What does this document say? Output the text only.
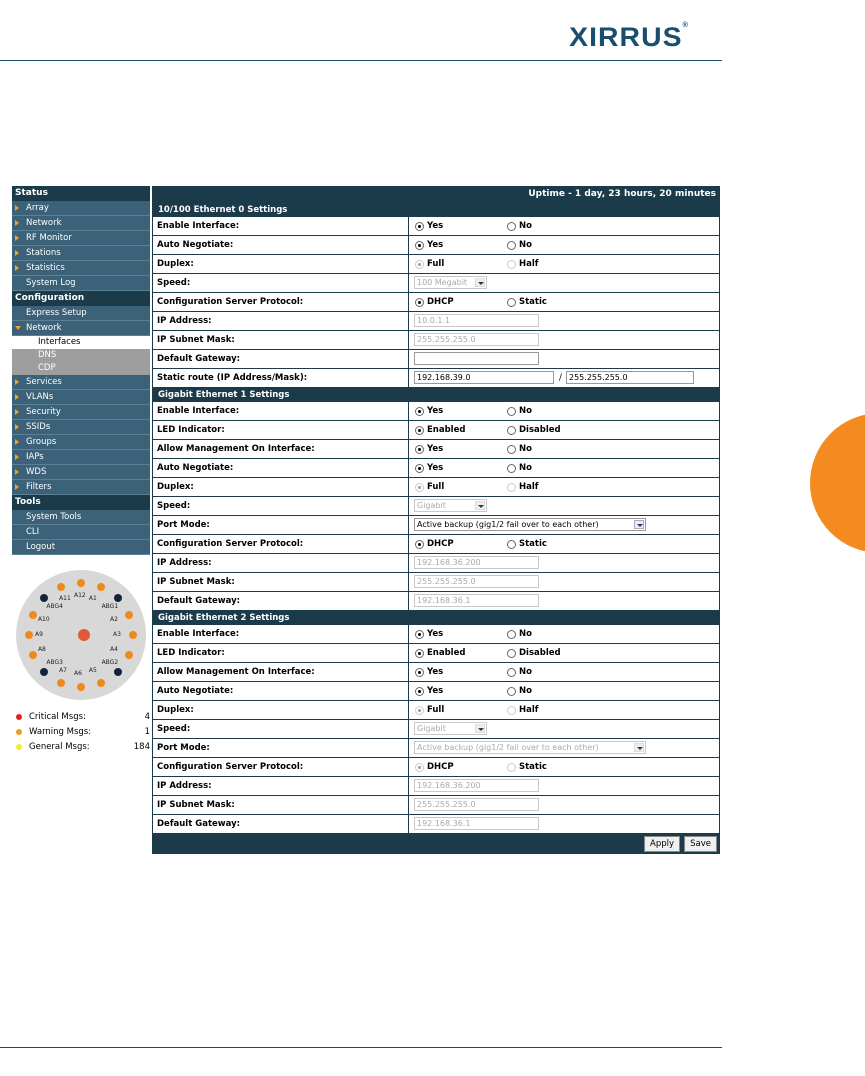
XIRRUS®
Status
Array
Network
RF Monitor
Stations
Statistics
System Log
Configuration
Express Setup
Network
Interfaces
DNS
CDP
Services
VLANs
Security
SSIDs
Groups
IAPs
WDS
Filters
Tools
System Tools
CLI
Logout
A12 A1
ABG1
A2
A3
A4
ABG2
A5
A6
A7
ABG3
A8
A9
A10
ABG4
A11
Critical Msgs:	4
Warning Msgs:	1
General Msgs:	184
Uptime - 1 day, 23 hours, 20 minutes
10/100 Ethernet 0 Settings
Enable Interface:	Yes	No
Auto Negotiate:	Yes	No
Duplex:	Full	Half
Speed:	100 Megabit
Configuration Server Protocol:	DHCP	Static
IP Address:	10.0.1.1
IP Subnet Mask:	255.255.255.0
Default Gateway:
Static route (IP Address/Mask):	192.168.39.0	/ 255.255.255.0
Gigabit Ethernet 1 Settings
Enable Interface:	Yes	No
LED Indicator:	Enabled	Disabled
Allow Management On Interface:	Yes	No
Auto Negotiate:	Yes	No
Duplex:	Full	Half
Speed:	Gigabit
Port Mode:	Active backup (gig1/2 fail over to each other)
Configuration Server Protocol:	DHCP	Static
IP Address:	192.168.36.200
IP Subnet Mask:	255.255.255.0
Default Gateway:	192.168.36.1
Gigabit Ethernet 2 Settings
Enable Interface:	Yes	No
LED Indicator:	Enabled	Disabled
Allow Management On Interface:	Yes	No
Auto Negotiate:	Yes	No
Duplex:	Full	Half
Speed:	Gigabit
Port Mode:	Active backup (gig1/2 fail over to each other)
Configuration Server Protocol:	DHCP	Static
IP Address:	192.168.36.200
IP Subnet Mask:	255.255.255.0
Default Gateway:	192.168.36.1
Apply	Save
